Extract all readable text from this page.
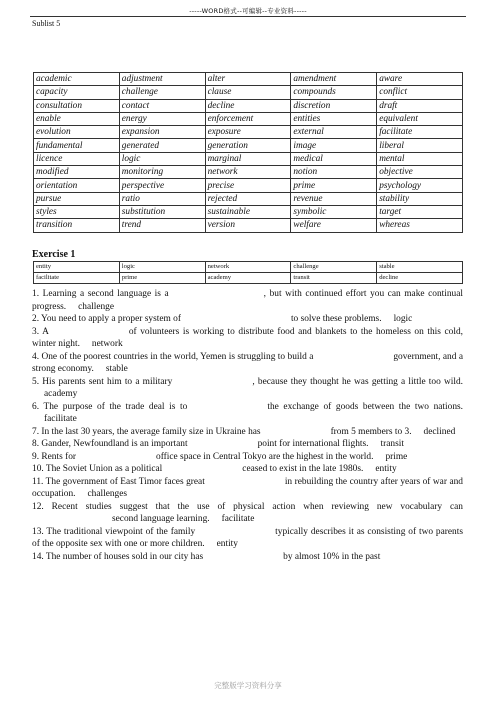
-----WORD格式--可编辑--专业资料-----
Sublist 5
academic	adjustment	alter	amendment	aware
capacity	challenge	clause	compounds	conflict
consultation	contact	decline	discretion	draft
enable	energy	enforcement	entities	equivalent
evolution	expansion	exposure	external	facilitate
fundamental	generated	generation	image	liberal
licence	logic	marginal	medical	mental
modified	monitoring	network	notion	objective
orientation	perspective	precise	prime	psychology
pursue	ratio	rejected	revenue	stability
styles	substitution	sustainable	symbolic	target
transition	trend	version	welfare	whereas
Exercise 1
entity	logic	network	challenge	stable
facilitate	prime	academy	transit	decline

1. Learning a second language is a	, but with continued effort you can make continual progress. challenge

2. You need to apply a proper system of	to solve these problems. logic

3. A	of volunteers is working to distribute food and blankets to the homeless on this cold, winter night. network

4. One of the poorest countries in the world, Yemen is struggling to build a	government, and a strong economy. stable

5. His parents sent him to a military	, because they thought he was getting a little too wild.academy

6. The purpose of the trade deal is to	the exchange of goods between the two nations.facilitate

7. In the last 30 years, the average family size in Ukraine has	from 5 members to 3. declined

8. Gander, Newfoundland is an important	point for international flights. transit

9. Rents for	office space in Central Tokyo are the highest in the world. prime

10. The Soviet Union as a political	ceased to exist in the late 1980s. entity

11. The government of East Timor faces great	in rebuilding the country after years of war and occupation. challenges

12. Recent studies suggest that the use of physical action when reviewing new vocabulary cansecond language learning. facilitate

13. The traditional viewpoint of the family	typically describes it as consisting of two parents of the opposite sex with one or more children. entity

14. The number of houses sold in our city has	by almost 10% in the past

完整版学习资料分享
